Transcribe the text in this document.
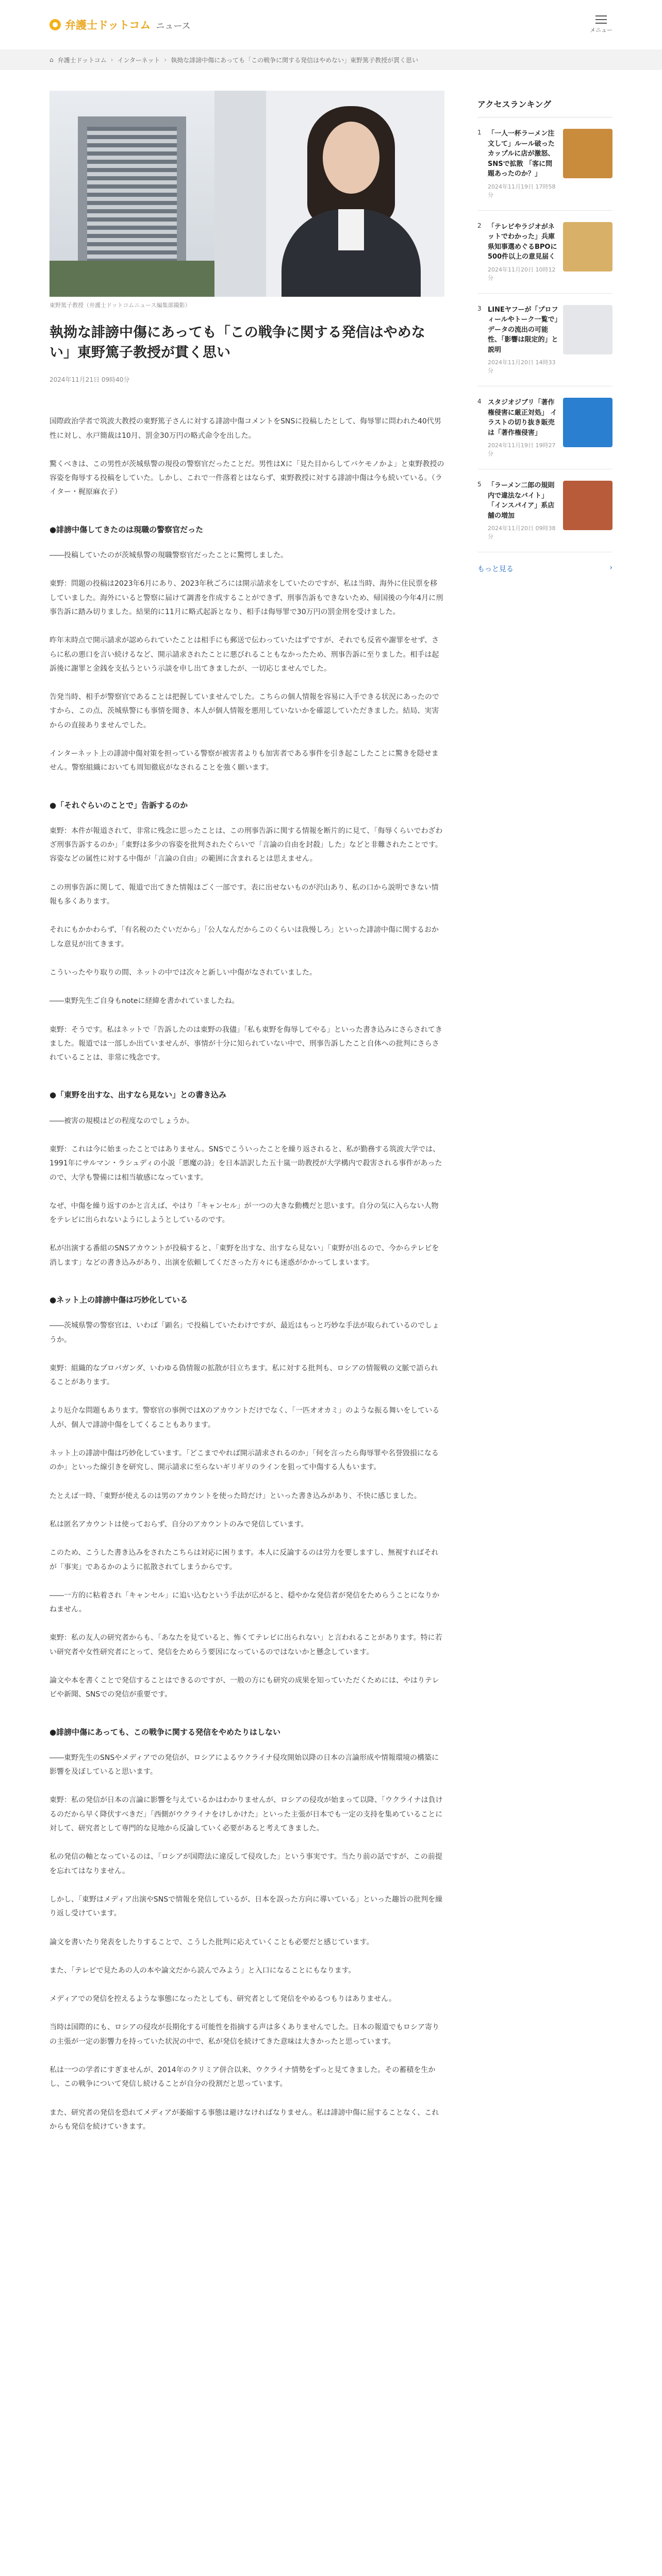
弁護士ドットコム ニュース	メニュー
⌂ 弁護士ドットコム › インターネット › 執拗な誹謗中傷にあっても「この戦争に関する発信はやめない」東野篤子教授が貫く思い
東野篤子教授（弁護士ドットコムニュース編集部撮影）
執拗な誹謗中傷にあっても「この戦争に関する発信はやめない」東野篤子教授が貫く思い
2024年11月21日 09時40分

国際政治学者で筑波大教授の東野篤子さんに対する誹謗中傷コメントをSNSに投稿したとして、侮辱罪に問われた40代男性に対し、水戸簡裁は10月、罰金30万円の略式命令を出した。

驚くべきは、この男性が茨城県警の現役の警察官だったことだ。男性はXに「見た目からしてバケモノかよ」と東野教授の容姿を侮辱する投稿をしていた。しかし、これで一件落着とはならず、東野教授に対する誹謗中傷は今も続いている。（ライター・梶原麻衣子）

●誹謗中傷してきたのは現職の警察官だった

――投稿していたのが茨城県警の現職警察官だったことに驚愕しました。

東野：問題の投稿は2023年6月にあり、2023年秋ごろには開示請求をしていたのですが、私は当時、海外に住民票を移していました。海外にいると警察に届けて調書を作成することができず、刑事告訴もできないため、帰国後の今年4月に刑事告訴に踏み切りました。結果的に11月に略式起訴となり、相手は侮辱罪で30万円の罰金刑を受けました。

昨年末時点で開示請求が認められていたことは相手にも郵送で伝わっていたはずですが、それでも反省や謝罪をせず、さらに私の悪口を言い続けるなど、開示請求されたことに悪びれることもなかったため、刑事告訴に至りました。相手は起訴後に謝罪と金銭を支払うという示談を申し出てきましたが、一切応じませんでした。

告発当時、相手が警察官であることは把握していませんでした。こちらの個人情報を容易に入手できる状況にあったのですから、この点、茨城県警にも事情を聞き、本人が個人情報を悪用していないかを確認していただきました。結局、実害からの直接ありませんでした。

インターネット上の誹謗中傷対策を担っている警察が被害者よりも加害者である事件を引き起こしたことに驚きを隠せません。警察組織においても周知徹底がなされることを強く願います。

●「それぐらいのことで」告訴するのか

東野：本件が報道されて、非常に残念に思ったことは、この刑事告訴に関する情報を断片的に見て、「侮辱くらいでわざわざ刑事告訴するのか」「東野は多少の容姿を批判されたぐらいで「言論の自由を封殺」した」などと非難されたことです。容姿などの属性に対する中傷が「言論の自由」の範囲に含まれるとは思えません。

この刑事告訴に関して、報道で出てきた情報はごく一部です。表に出せないものが沢山あり、私の口から説明できない情報も多くあります。

それにもかかわらず、「有名税のたぐいだから」「公人なんだからこのくらいは我慢しろ」といった誹謗中傷に関するおかしな意見が出てきます。

こういったやり取りの間、ネットの中では次々と新しい中傷がなされていました。

――東野先生ご自身もnoteに経緯を書かれていましたね。

東野：そうです。私はネットで「告訴したのは東野の我儘」「私も東野を侮辱してやる」といった書き込みにさらされてきました。報道では一部しか出ていませんが、事情が十分に知られていない中で、刑事告訴したこと自体への批判にさらされていることは、非常に残念です。

●「東野を出すな、出すなら見ない」との書き込み

――被害の規模はどの程度なのでしょうか。

東野：これは今に始まったことではありません。SNSでこういったことを繰り返されると、私が勤務する筑波大学では、1991年にサルマン・ラシュディの小説「悪魔の詩」を日本語訳した五十嵐一助教授が大学構内で殺害される事件があったので、大学も警備には相当敏感になっています。

なぜ、中傷を繰り返すのかと言えば、やはり「キャンセル」が一つの大きな動機だと思います。自分の気に入らない人物をテレビに出られないようにしようとしているのです。

私が出演する番組のSNSアカウントが投稿すると、「東野を出すな、出すなら見ない」「東野が出るので、今からテレビを消します」などの書き込みがあり、出演を依頼してくださった方々にも迷惑がかかってしまいます。

●ネット上の誹謗中傷は巧妙化している

――茨城県警の警察官は、いわば「顕名」で投稿していたわけですが、最近はもっと巧妙な手法が取られているのでしょうか。

東野：組織的なプロパガンダ、いわゆる偽情報の拡散が目立ちます。私に対する批判も、ロシアの情報戦の文脈で語られることがあります。

より厄介な問題もあります。警察官の事例ではXのアカウントだけでなく、「一匹オオカミ」のような振る舞いをしている人が、個人で誹謗中傷をしてくることもあります。

ネット上の誹謗中傷は巧妙化しています。「どこまでやれば開示請求されるのか」「何を言ったら侮辱罪や名誉毀損になるのか」といった線引きを研究し、開示請求に至らないギリギリのラインを狙って中傷する人もいます。

たとえば一時、「東野が使えるのは男のアカウントを使った時だけ」といった書き込みがあり、不快に感じました。

私は匿名アカウントは使っておらず、自分のアカウントのみで発信しています。

このため、こうした書き込みをされたこちらは対応に困ります。本人に反論するのは労力を要しますし、無視すればそれが「事実」であるかのように拡散されてしまうからです。

――一方的に粘着され「キャンセル」に追い込むという手法が広がると、穏やかな発信者が発信をためらうことになりかねません。

東野：私の友人の研究者からも、「あなたを見ていると、怖くてテレビに出られない」と言われることがあります。特に若い研究者や女性研究者にとって、発信をためらう要因になっているのではないかと懸念しています。

論文や本を書くことで発信することはできるのですが、一般の方にも研究の成果を知っていただくためには、やはりテレビや新聞、SNSでの発信が重要です。

●誹謗中傷にあっても、この戦争に関する発信をやめたりはしない

――東野先生のSNSやメディアでの発信が、ロシアによるウクライナ侵攻開始以降の日本の言論形成や情報環境の構築に影響を及ぼしていると思います。

東野：私の発信が日本の言論に影響を与えているかはわかりませんが、ロシアの侵攻が始まって以降、「ウクライナは負けるのだから早く降伏すべきだ」「西側がウクライナをけしかけた」といった主張が日本でも一定の支持を集めていることに対して、研究者として専門的な見地から反論していく必要があると考えてきました。

私の発信の軸となっているのは、「ロシアが国際法に違反して侵攻した」という事実です。当たり前の話ですが、この前提を忘れてはなりません。

しかし、「東野はメディア出演やSNSで情報を発信しているが、日本を誤った方向に導いている」といった趣旨の批判を繰り返し受けています。

論文を書いたり発表をしたりすることで、こうした批判に応えていくことも必要だと感じています。

また、「テレビで見たあの人の本や論文だから読んでみよう」と入口になることにもなります。

メディアでの発信を控えるような事態になったとしても、研究者として発信をやめるつもりはありません。

当時は国際的にも、ロシアの侵攻が長期化する可能性を指摘する声は多くありませんでした。日本の報道でもロシア寄りの主張が一定の影響力を持っていた状況の中で、私が発信を続けてきた意味は大きかったと思っています。

私は一つの学者にすぎませんが、2014年のクリミア併合以来、ウクライナ情勢をずっと見てきました。その蓄積を生かし、この戦争について発信し続けることが自分の役割だと思っています。

また、研究者の発信を恐れてメディアが萎縮する事態は避けなければなりません。私は誹謗中傷に屈することなく、これからも発信を続けていきます。

アクセスランキング
1 「一人一杯ラーメン注文して」ルール破ったカップルに店が激怒、SNSで拡散 「客に問題あったのか？」
2024年11月19日 17時58分
2 「テレビやラジオがネットでわかった」兵庫県知事選めぐるBPOに500件以上の意見届く
2024年11月20日 10時12分
3 LINEヤフーが「プロフィールやトーク一覧で」データの流出の可能性、「影響は限定的」と説明
2024年11月20日 14時33分
4 スタジオジブリ「著作権侵害に厳正対処」 イラストの切り抜き販売は「著作権侵害」
2024年11月19日 19時27分
5 「ラーメン二郎の規則内で違法なバイト」 「インスパイア」系店舗の増加
2024年11月20日 09時38分
もっと見る	›
